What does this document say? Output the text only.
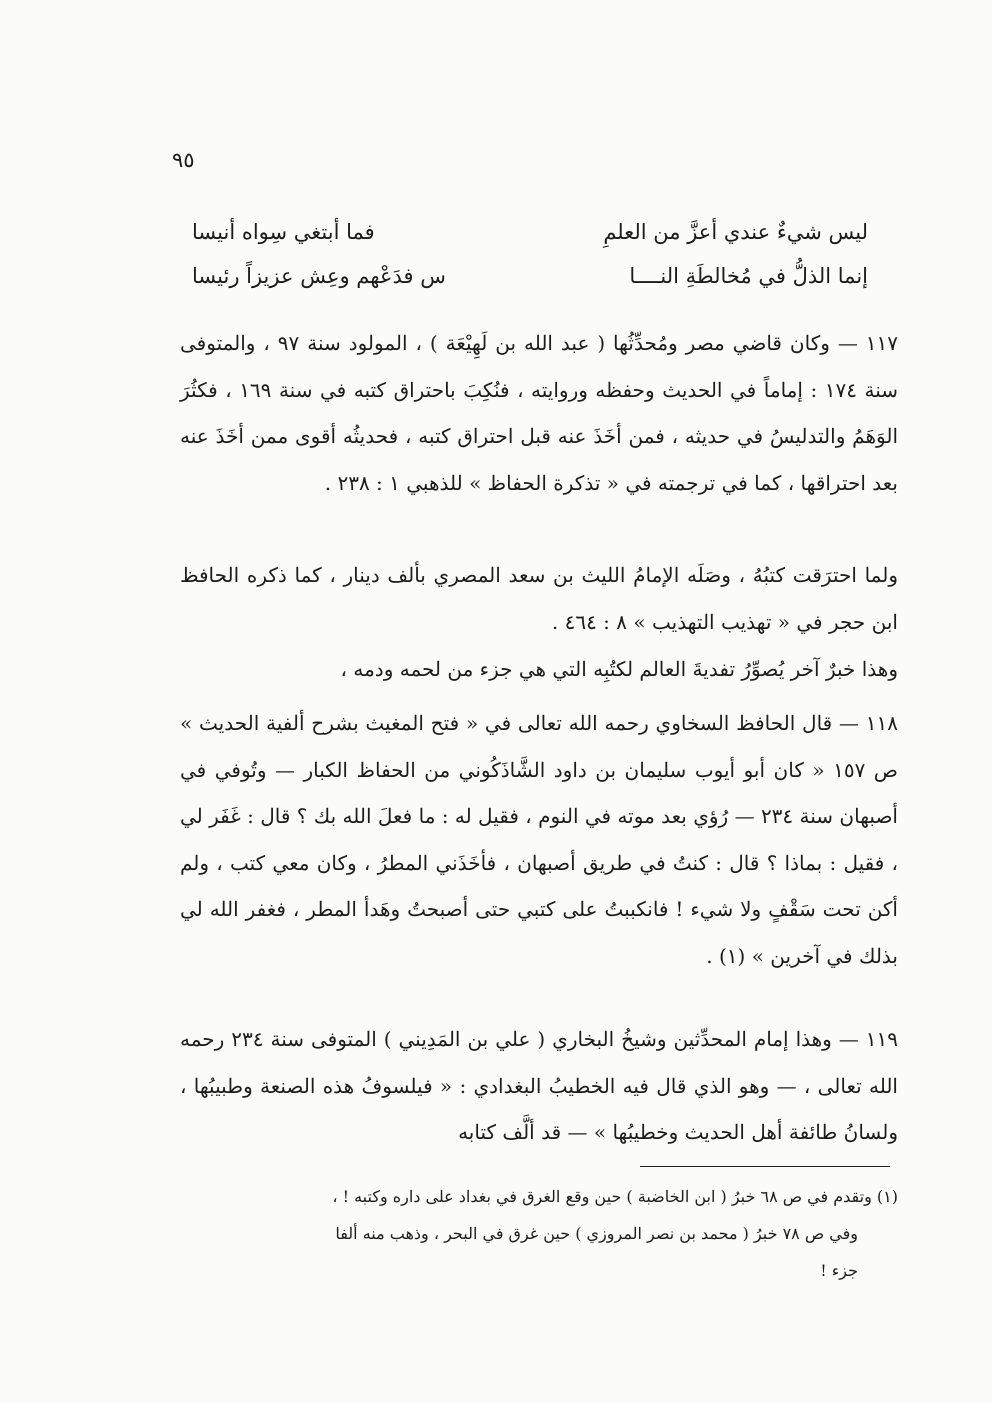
٩٥
ليس شيءٌ عندي أعزَّ من العلمِ
فما أبتغي سِواه أنيسا
إنما الذلُّ في مُخالطَةِ النــــا
س فدَعْهم وعِش عزيزاً رئيسا

١١٧ — وكان قاضي مصر ومُحدِّثُها ( عبد الله بن لَهِيْعَة ) ، المولود سنة ٩٧ ، والمتوفى سنة ١٧٤ : إماماً في الحديث وحفظه وروايته ، فنُكِبَ باحتراق كتبه في سنة ١٦٩ ، فكثُرَ الوَهَمُ والتدليسُ في حديثه ، فمن أخَذَ عنه قبل احتراق كتبه ، فحديثُه أقوى ممن أخَذَ عنه بعد احتراقها ، كما في ترجمته في « تذكرة الحفاظ » للذهبي ١ : ٢٣٨ .

ولما احترَقت كتبُهُ ، وصَلَه الإمامُ الليث بن سعد المصري بألف دينار ، كما ذكره الحافظ ابن حجر في « تهذيب التهذيب » ٨ : ٤٦٤ .

وهذا خبرٌ آخر يُصوِّرُ تفديةَ العالم لكتُبِه التي هي جزء من لحمه ودمه ،

١١٨ — قال الحافظ السخاوي رحمه الله تعالى في « فتح المغيث بشرح ألفية الحديث » ص ١٥٧ « كان أبو أيوب سليمان بن داود الشَّاذَكُوني من الحفاظ الكبار — وتُوفي في أصبهان سنة ٢٣٤ — رُؤي بعد موته في النوم ، فقيل له : ما فعلَ الله بك ؟ قال : غَفَر لي ، فقيل : بماذا ؟ قال : كنتُ في طريق أصبهان ، فأخَذَني المطرُ ، وكان معي كتب ، ولم أكن تحت سَقْفٍ ولا شيء ! فانكببتُ على كتبي حتى أصبحتُ وهَدأ المطر ، فغفر الله لي بذلك في آخرين » (١) .

١١٩ — وهذا إمام المحدِّثين وشيخُ البخاري ( علي بن المَدِيني ) المتوفى سنة ٢٣٤ رحمه الله تعالى ، — وهو الذي قال فيه الخطيبُ البغدادي : « فيلسوفُ هذه الصنعة وطبيبُها ، ولسانُ طائفة أهل الحديث وخطيبُها » — قد ألَّف كتابه

(١) وتقدم في ص ٦٨ خبرُ ( ابن الخاضبة ) حين وقع الغرق في بغداد على داره وكتبه ! ،

وفي ص ٧٨ خبرُ ( محمد بن نصر المروزي ) حين غرق في البحر ، وذهب منه ألفا

جزء !
